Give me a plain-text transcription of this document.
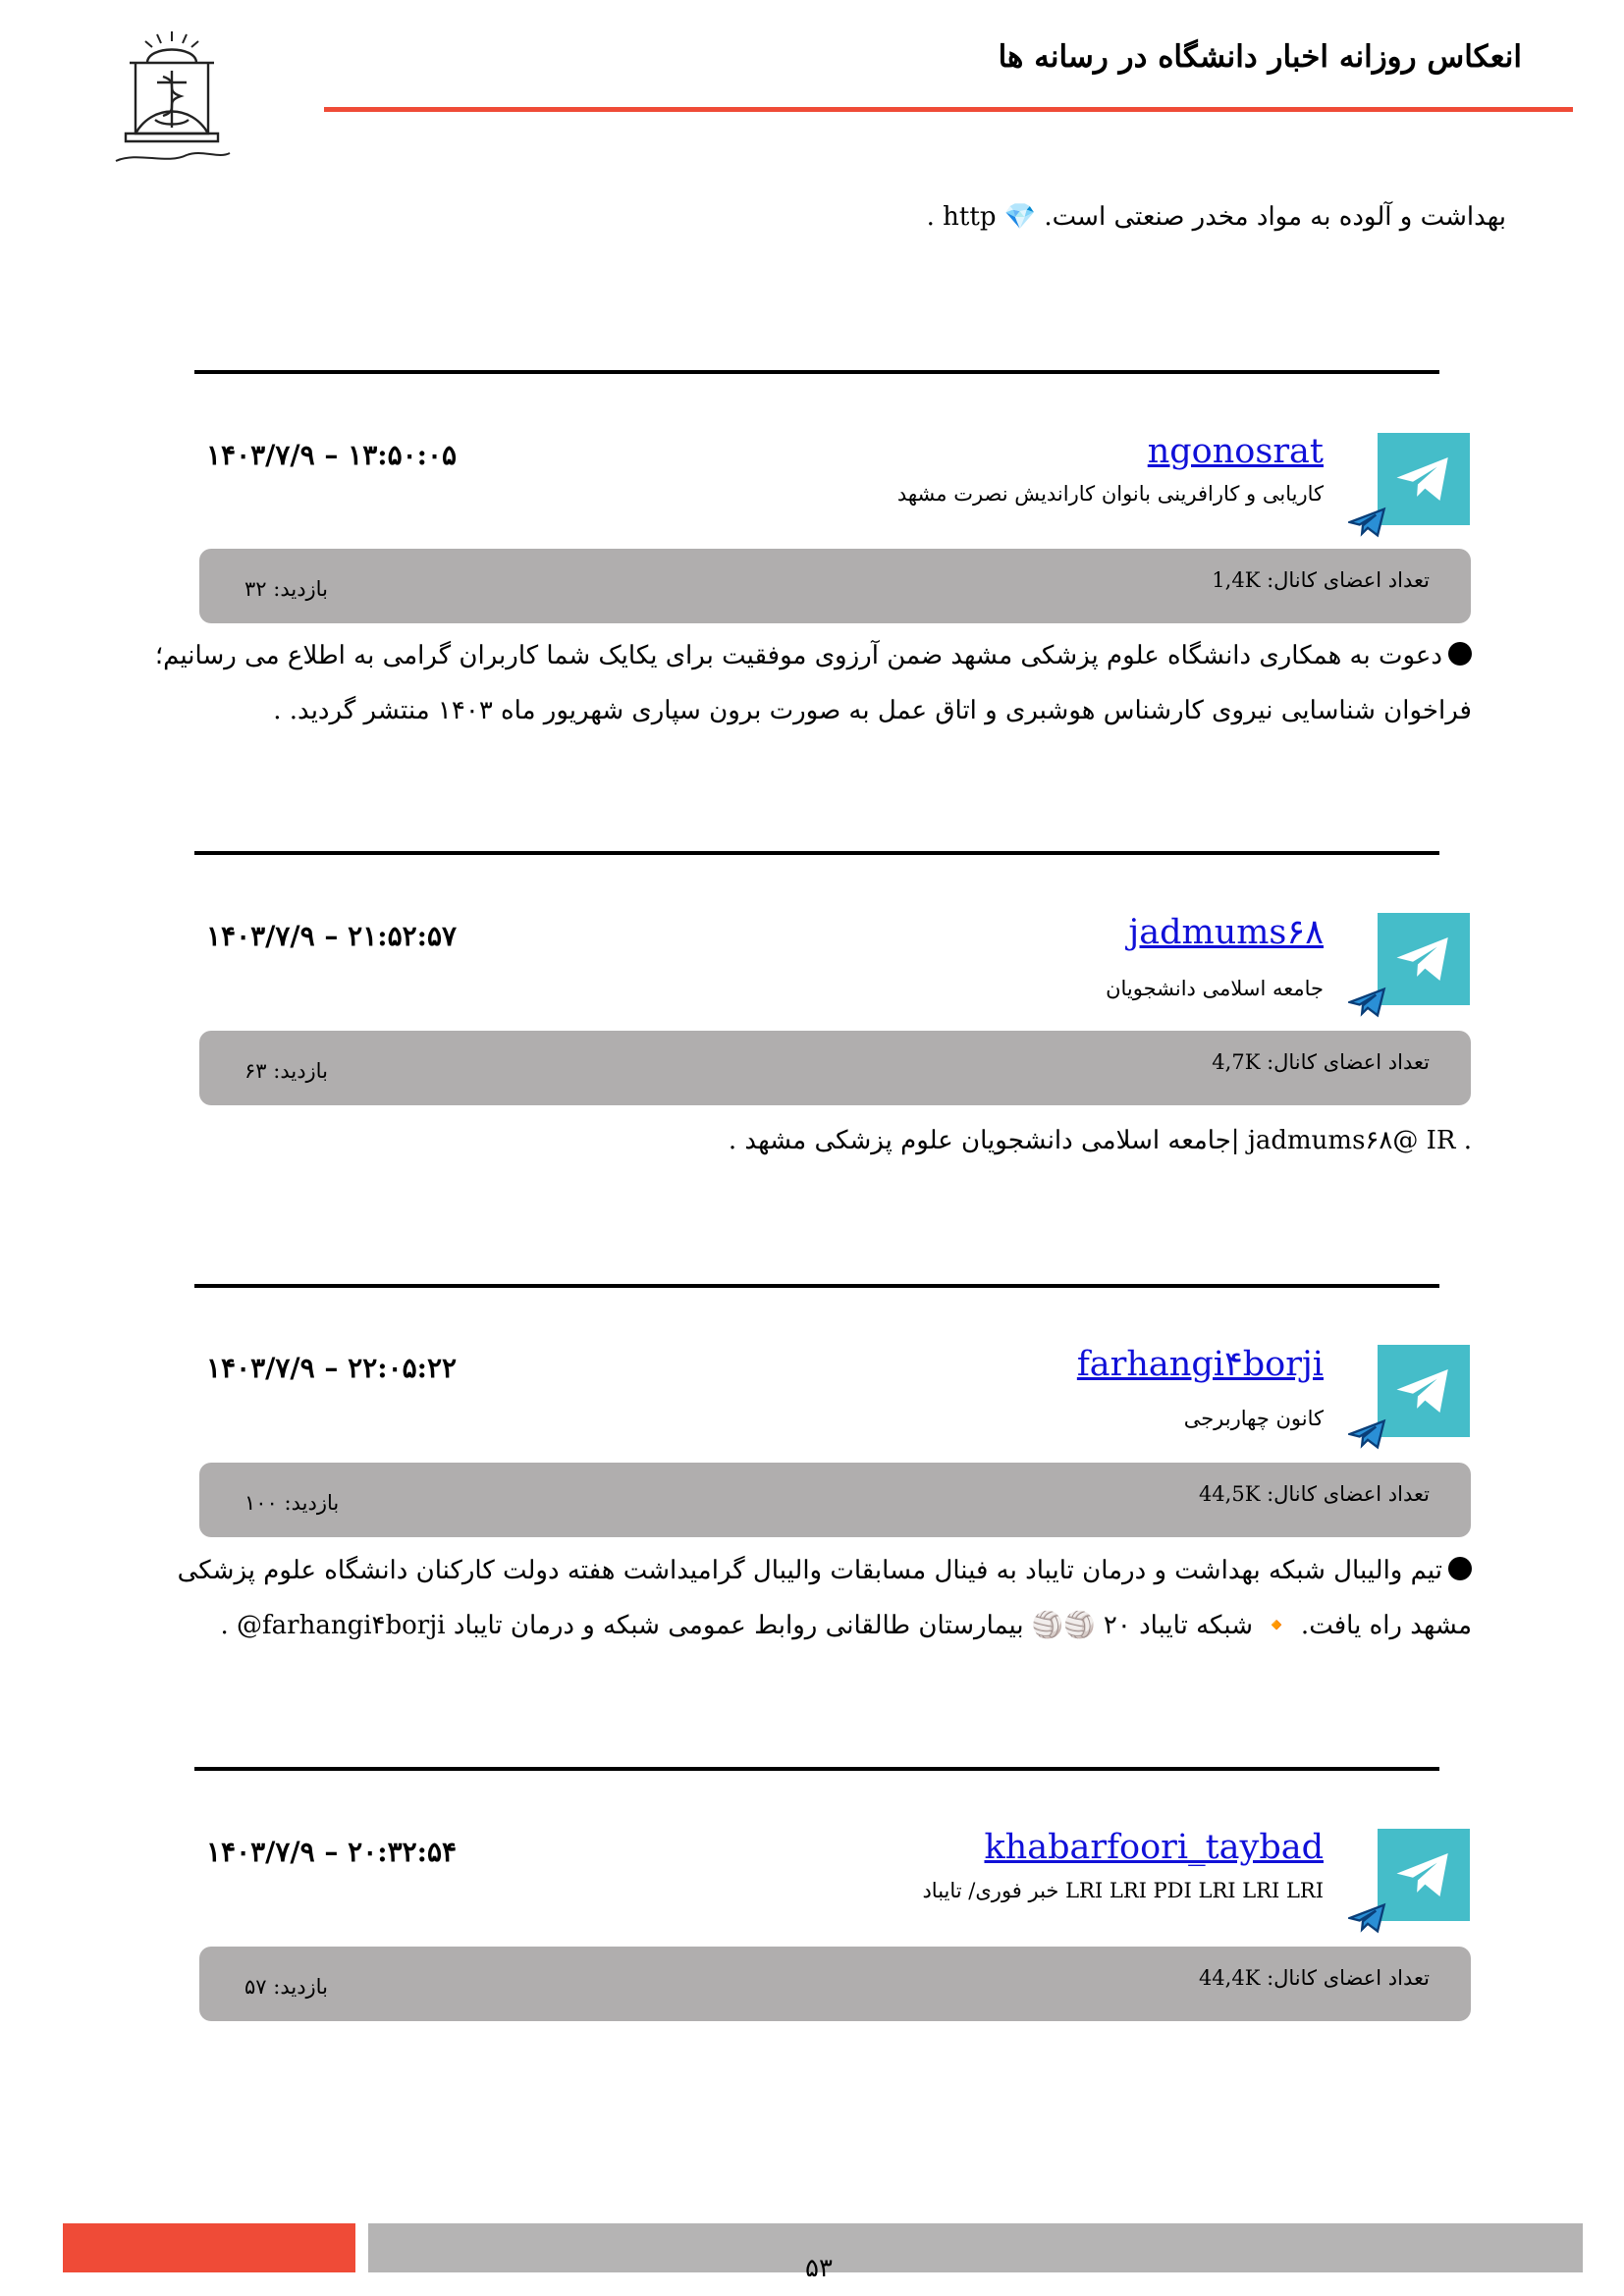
انعکاس روزانه اخبار دانشگاه در رسانه ها
بهداشت و آلوده به مواد مخدر صنعتی است. 💎 http .
ngonosrat
کاریابی و کارافرینی بانوان کاراندیش نصرت مشهد
۱۴۰۳/۷/۹ – ۱۳:۵۰:۰۵
تعداد اعضای کانال: 1,4K
بازدید: ۳۲
دعوت به همکاری دانشگاه علوم پزشکی مشهد ضمن آرزوی موفقیت برای یکایک شما کاربران گرامی به اطلاع می رسانیم؛
فراخوان شناسایی نیروی کارشناس هوشبری و اتاق عمل به صورت برون سپاری شهریور ماه ۱۴۰۳ منتشر گردید. .
jadmums۶۸
جامعه اسلامی دانشجویان
۱۴۰۳/۷/۹ – ۲۱:۵۲:۵۷
تعداد اعضای کانال: 4,7K
بازدید: ۶۳
. jadmums۶۸@ IR |جامعه اسلامی دانشجویان علوم پزشکی مشهد .
farhangi۴borji
کانون چهاربرجی
۱۴۰۳/۷/۹ – ۲۲:۰۵:۲۲
تعداد اعضای کانال: 44,5K
بازدید: ۱۰۰
تیم والیبال شبکه بهداشت و درمان تایباد به فینال مسابقات والیبال گرامیداشت هفته دولت کارکنان دانشگاه علوم پزشکی
مشهد راه یافت. 🔸 شبکه تایباد ۲۰ 🏐🏐 بیمارستان طالقانی روابط عمومی شبکه و درمان تایباد farhangi۴borji@ .
khabarfoori_taybad
LRI LRI PDI LRI LRI LRI خبر فوری/ تایباد
۱۴۰۳/۷/۹ – ۲۰:۳۲:۵۴
تعداد اعضای کانال: 44,4K
بازدید: ۵۷
۵۳
